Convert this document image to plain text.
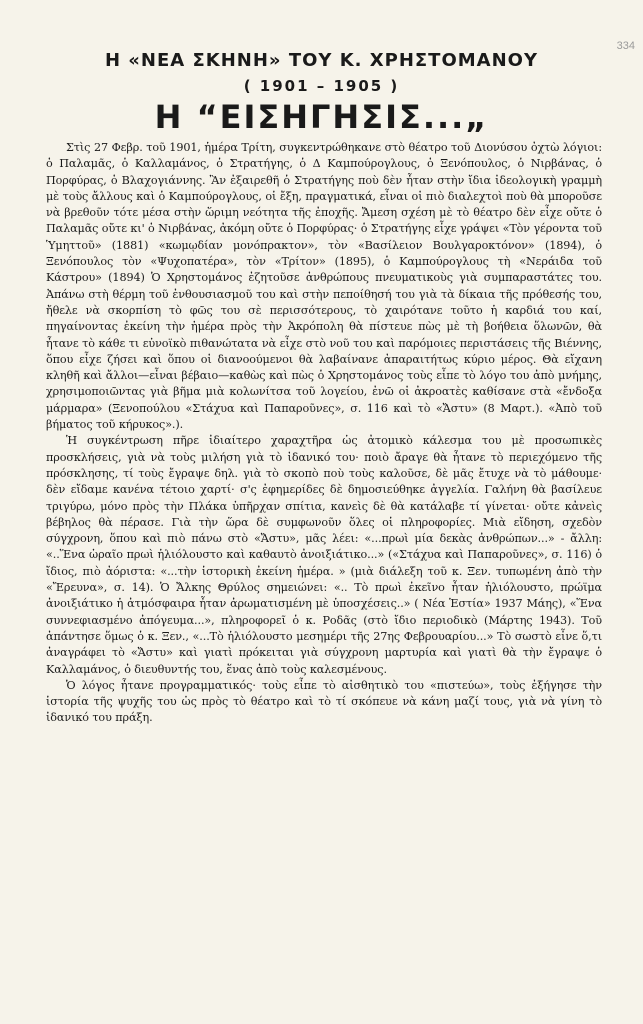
334

Η «ΝΕΑ ΣΚΗΝΗ» ΤΟΥ Κ. ΧΡΗΣΤΟΜΑΝΟΥ

( 1901 – 1905 )

Η “ΕΙΣΗΓΗΣΙΣ...„

Στὶς 27 Φεβρ. τοῦ 1901, ἡμέρα Τρίτη, συγκεντρώθηκανε στὸ θέατρο τοῦ Διονύσου ὀχτὼ λόγιοι: ὁ Παλαμᾶς, ὁ Καλλαμάνος, ὁ Στρατήγης, ὁ Δ Καμπούρογλους, ὁ Ξενόπουλος, ὁ Νιρβάνας, ὁ Πορφύρας, ὁ Βλαχογιάννης. Ἂν ἐξαιρεθῆ ὁ Στρατήγης ποὺ δὲν ἦταν στὴν ἴδια ἰδεολογικὴ γραμμὴ μὲ τοὺς ἄλλους καὶ ὁ Καμπούρογλους, οἱ ἔξη, πραγματικά, εἶναι οἱ πιὸ διαλεχτοὶ ποὺ θὰ μποροῦσε νὰ βρεθοῦν τότε μέσα στὴν ὥριμη νεότητα τῆς ἐποχῆς. Ἄμεση σχέση μὲ τὸ θέατρο δὲν εἶχε οὔτε ὁ Παλαμᾶς οὔτε κι' ὁ Νιρβάνας, ἀκόμη οὔτε ὁ Πορφύρας· ὁ Στρατήγης εἶχε γράψει «Τὸν γέροντα τοῦ Ὑμηττοῦ» (1881) «κωμῳδίαν μονόπρακτον», τὸν «Βασίλειον Βουλγαροκτόνον» (1894), ὁ Ξενόπουλος τὸν «Ψυχοπατέρα», τὸν «Τρίτον» (1895), ὁ Καμπούρογλους τὴ «Νεράιδα τοῦ Κάστρου» (1894) Ὁ Χρηστομάνος ἐζητοῦσε ἀνθρώπους πνευματικοὺς γιὰ συμπαραστάτες του. Ἀπάνω στὴ θέρμη τοῦ ἐνθουσιασμοῦ του καὶ στὴν πεποίθησή του γιὰ τὰ δίκαια τῆς πρόθεσής του, ἤθελε νὰ σκορπίση τὸ φῶς του σὲ περισσότερους, τὸ χαιρότανε τοῦτο ἡ καρδιά του καί, πηγαίνοντας ἐκείνη τὴν ἡμέρα πρὸς τὴν Ἀκρόπολη θὰ πίστευε πὼς μὲ τὴ βοήθεια ὅλωνῶν, θὰ ἦτανε τὸ κάθε τι εὐνοϊκὸ πιθανώτατα νὰ εἶχε στὸ νοῦ του καὶ παρόμοιες περιστάσεις τῆς Βιέννης, ὅπου εἶχε ζήσει καὶ ὅπου οἱ διανοούμενοι θὰ λαβαίνανε ἀπαραιτήτως κύριο μέρος. Θὰ εἴχανη κληθῆ καὶ ἄλλοι—εἶναι βέβαιο—καθὼς καὶ πὼς ὁ Χρηστομάνος τοὺς εἶπε τὸ λόγο του ἀπὸ μνήμης, χρησιμοποιῶντας γιὰ βῆμα μιὰ κολωνίτσα τοῦ λογείου, ἐνῶ οἱ ἀκροατὲς καθίσανε στὰ «ἔνδοξα μάρμαρα» (Ξενοπούλου «Στάχυα καὶ Παπαροῦνες», σ. 116 καὶ τὸ «Ἄστυ» (8 Μαρτ.). «Ἀπὸ τοῦ βήματος τοῦ κήρυκος».).

Ἡ συγκέντρωση πῆρε ἰδιαίτερο χαραχτῆρα ὡς ἀτομικὸ κάλεσμα του μὲ προσωπικὲς προσκλήσεις, γιὰ νὰ τοὺς μιλήση γιὰ τὸ ἰδανικό του· ποιὸ ἄραγε θὰ ἦτανε τὸ περιεχόμενο τῆς πρόσκλησης, τί τοὺς ἔγραψε δηλ. γιὰ τὸ σκοπὸ ποὺ τοὺς καλοῦσε, δὲ μᾶς ἔτυχε νὰ τὸ μάθουμε· δὲν εἴδαμε κανένα τέτοιο χαρτί· σ'ς ἐφημερίδες δὲ δημοσιεύθηκε ἀγγελία. Γαλήνη θὰ βασίλευε τριγύρω, μόνο πρὸς τὴν Πλάκα ὑπῆρχαν σπίτια, κανεὶς δὲ θὰ κατάλαβε τί γίνεται· οὔτε κἀνεὶς βέβηλος θὰ πέρασε. Γιὰ τὴν ὥρα δὲ συμφωνοῦν ὅλες οἱ πληροφορίες. Μιὰ εἴδηση, σχεδὸν σύγχρονη, ὅπου καὶ πιὸ πάνω στὸ «Ἄστυ», μᾶς λέει: «...πρωὶ μία δεκὰς ἀνθρώπων...» - ἄλλη: «..Ἕνα ὡραῖο πρωὶ ἡλιόλουστο καὶ καθαυτὸ ἀνοιξιάτικο...» («Στάχυα καὶ Παπαροῦνες», σ. 116) ὁ ἴδιος, πιὸ ἀόριστα: «...τὴν ἱστορικὴ ἐκείνη ἡμέρα. » (μιὰ διάλεξη τοῦ κ. Ξεν. τυπωμένη ἀπὸ τὴν «Ἔρευνα», σ. 14). Ὁ Ἄλκης Θρύλος σημειώνει: «.. Τὸ πρωὶ ἐκεῖνο ἦταν ἡλιόλουστο, πρώϊμα ἀνοιξιάτικο ἡ ἀτμόσφαιρα ἦταν ἀρωματισμένη μὲ ὑποσχέσεις..» ( Νέα Ἑστία» 1937 Μάης), «Ἕνα συννεφιασμένο ἀπόγευμα...», πληροφορεῖ ὁ κ. Ροδᾶς (στὸ ἴδιο περιοδικὸ (Μάρτης 1943). Τοῦ ἀπάντησε ὅμως ὁ κ. Ξεν., «...Τὸ ἡλιόλουστο μεσημέρι τῆς 27ης Φεβρουαρίου...» Τὸ σωστὸ εἶνε ὅ,τι ἀναγράφει τὸ «Ἄστυ» καὶ γιατὶ πρόκειται γιὰ σύγχρονη μαρτυρία καὶ γιατὶ θὰ τὴν ἔγραψε ὁ Καλλαμάνος, ὁ διευθυντής του, ἕνας ἀπὸ τοὺς καλεσμένους.

Ὁ λόγος ἦτανε προγραμματικός· τοὺς εἶπε τὸ αἰσθητικὸ του «πιστεύω», τοὺς ἐξήγησε τὴν ἱστορία τῆς ψυχῆς του ὡς πρὸς τὸ θέατρο καὶ τὸ τί σκόπευε νὰ κάνη μαζί τους, γιὰ νὰ γίνη τὸ ἰδανικό του πράξη.
